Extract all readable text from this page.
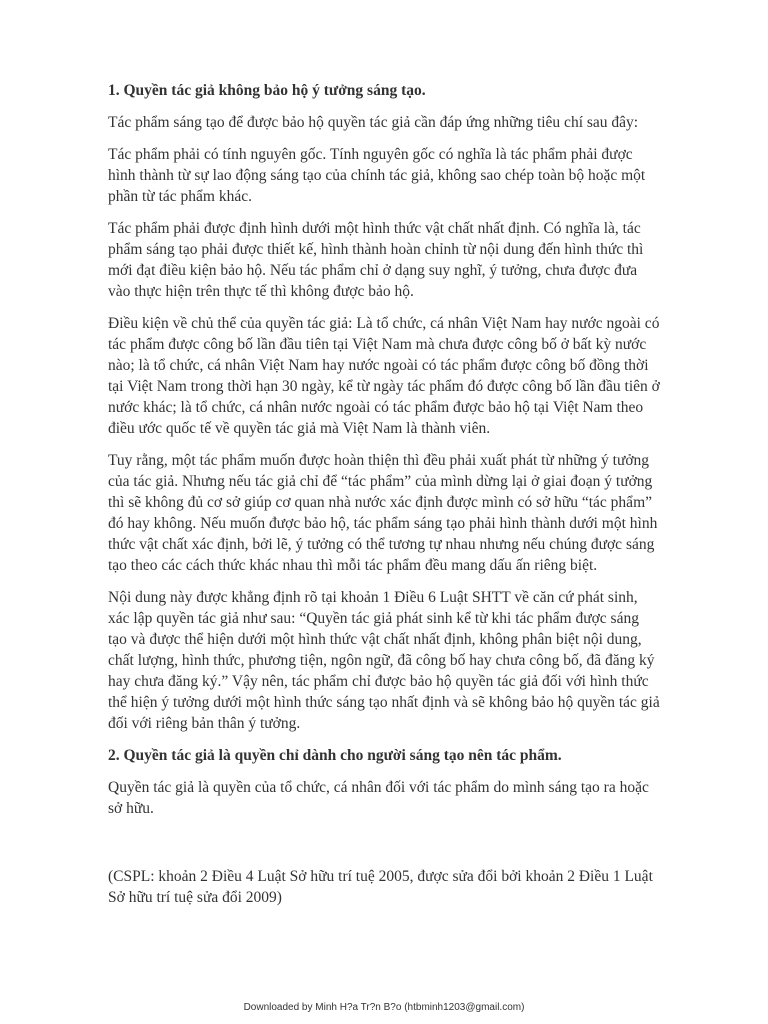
1. Quyền tác giả không bảo hộ ý tưởng sáng tạo.

Tác phẩm sáng tạo để được bảo hộ quyền tác giả cần đáp ứng những tiêu chí sau đây:

Tác phẩm phải có tính nguyên gốc. Tính nguyên gốc có nghĩa là tác phẩm phải được hình thành từ sự lao động sáng tạo của chính tác giả, không sao chép toàn bộ hoặc một phần từ tác phẩm khác.

Tác phẩm phải được định hình dưới một hình thức vật chất nhất định. Có nghĩa là, tác phẩm sáng tạo phải được thiết kế, hình thành hoàn chỉnh từ nội dung đến hình thức thì mới đạt điều kiện bảo hộ. Nếu tác phẩm chỉ ở dạng suy nghĩ, ý tưởng, chưa được đưa vào thực hiện trên thực tế thì không được bảo hộ.

Điều kiện về chủ thể của quyền tác giả: Là tổ chức, cá nhân Việt Nam hay nước ngoài có tác phẩm được công bố lần đầu tiên tại Việt Nam mà chưa được công bố ở bất kỳ nước nào; là tổ chức, cá nhân Việt Nam hay nước ngoài có tác phẩm được công bố đồng thời tại Việt Nam trong thời hạn 30 ngày, kể từ ngày tác phẩm đó được công bố lần đầu tiên ở nước khác; là tổ chức, cá nhân nước ngoài có tác phẩm được bảo hộ tại Việt Nam theo điều ước quốc tế về quyền tác giả mà Việt Nam là thành viên.

Tuy rằng, một tác phẩm muốn được hoàn thiện thì đều phải xuất phát từ những ý tưởng của tác giả. Nhưng nếu tác giả chỉ để “tác phẩm” của mình dừng lại ở giai đoạn ý tưởng thì sẽ không đủ cơ sở giúp cơ quan nhà nước xác định được mình có sở hữu “tác phẩm” đó hay không. Nếu muốn được bảo hộ, tác phẩm sáng tạo phải hình thành dưới một hình thức vật chất xác định, bởi lẽ, ý tưởng có thể tương tự nhau nhưng nếu chúng được sáng tạo theo các cách thức khác nhau thì mỗi tác phẩm đều mang dấu ấn riêng biệt.

Nội dung này được khẳng định rõ tại khoản 1 Điều 6 Luật SHTT về căn cứ phát sinh, xác lập quyền tác giả như sau: “Quyền tác giả phát sinh kể từ khi tác phẩm được sáng tạo và được thể hiện dưới một hình thức vật chất nhất định, không phân biệt nội dung, chất lượng, hình thức, phương tiện, ngôn ngữ, đã công bố hay chưa công bố, đã đăng ký hay chưa đăng ký.” Vậy nên, tác phẩm chỉ được bảo hộ quyền tác giả đối với hình thức thể hiện ý tưởng dưới một hình thức sáng tạo nhất định và sẽ không bảo hộ quyền tác giả đối với riêng bản thân ý tưởng.

2. Quyền tác giả là quyền chỉ dành cho người sáng tạo nên tác phẩm.

Quyền tác giả là quyền của tổ chức, cá nhân đối với tác phẩm do mình sáng tạo ra hoặc sở hữu.

(CSPL: khoản 2 Điều 4 Luật Sở hữu trí tuệ 2005, được sửa đổi bởi khoản 2 Điều 1 Luật Sở hữu trí tuệ sửa đổi 2009)

Downloaded by Minh H?a Tr?n B?o (htbminh1203@gmail.com)
